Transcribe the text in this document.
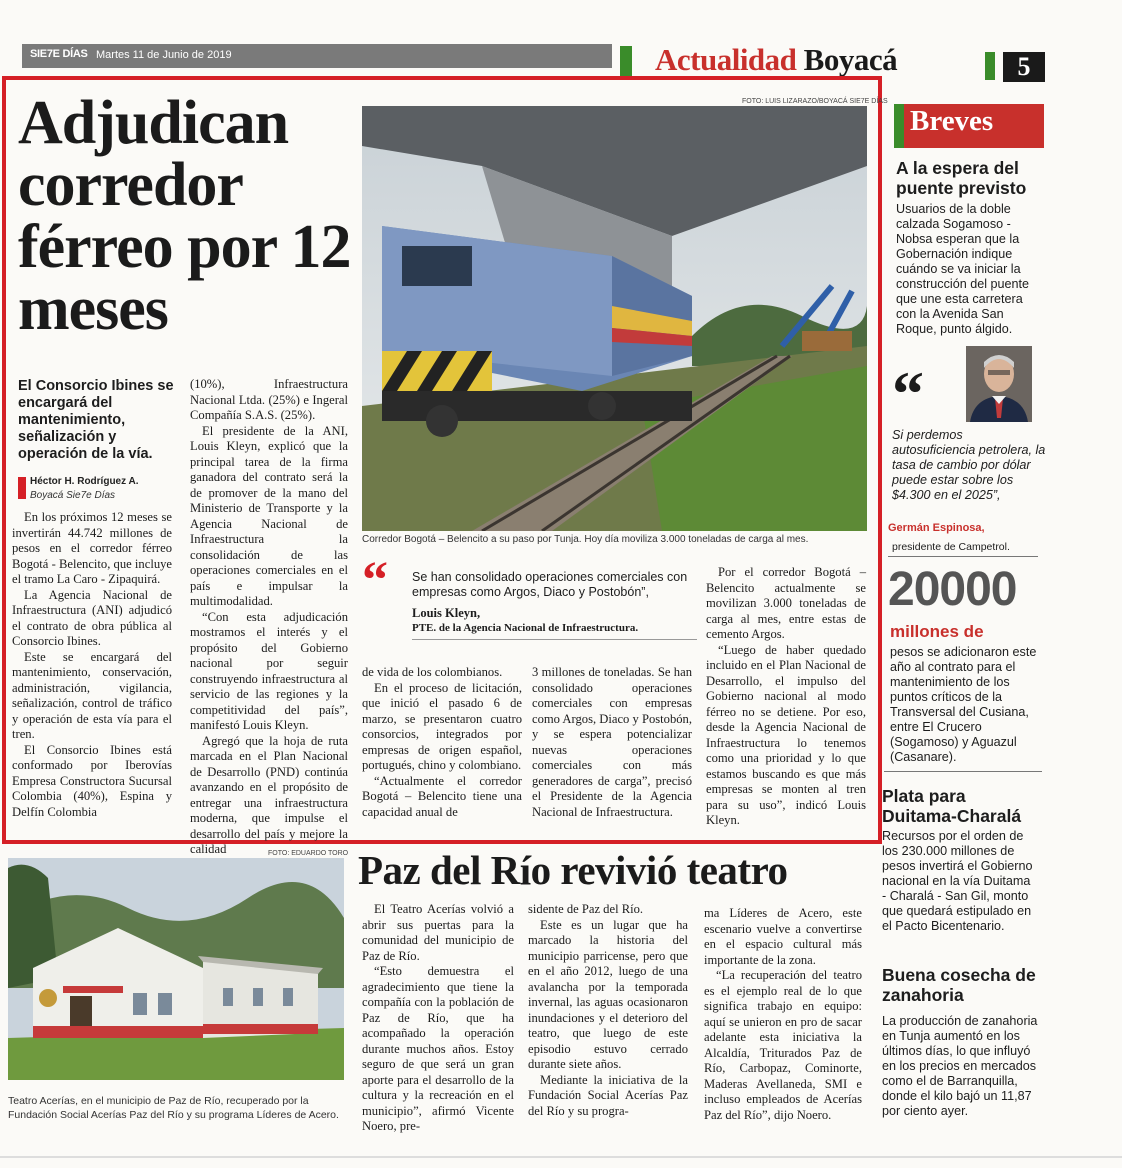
SIE7E DÍAS Martes 11 de Junio de 2019	Actualidad Boyacá	5
Adjudican corredor férreo por 12 meses
El Consorcio Ibines se encargará del mantenimiento, señalización y operación de la vía.
Héctor H. Rodríguez A.
Boyacá Sie7e Días

En los próximos 12 meses se invertirán 44.742 millones de pesos en el corredor férreo Bogotá - Belencito, que incluye el tramo La Caro - Zipaquirá.

La Agencia Nacional de Infraestructura (ANI) adjudicó el contrato de obra pública al Consorcio Ibines.

Este se encargará del mantenimiento, conservación, administración, vigilancia, señalización, control de tráfico y operación de esta vía para el tren.

El Consorcio Ibines está conformado por Iberovías Empresa Constructora Sucursal Colombia (40%), Espina y Delfín Colombia

(10%), Infraestructura Nacional Ltda. (25%) e Ingeral Compañía S.A.S. (25%).

El presidente de la ANI, Louis Kleyn, explicó que la principal tarea de la firma ganadora del contrato será la de promover de la mano del Ministerio de Transporte y la Agencia Nacional de Infraestructura la consolidación de las operaciones comerciales en el país e impulsar la multimodalidad.

“Con esta adjudicación mostramos el interés y el propósito del Gobierno nacional por seguir construyendo infraestructura al servicio de las regiones y la competitividad del país”, manifestó Louis Kleyn.

Agregó que la hoja de ruta marcada en el Plan Nacional de Desarrollo (PND) continúa avanzando en el propósito de entregar una infraestructura moderna, que impulse el desarrollo del país y mejore la calidad

FOTO: LUIS LIZARAZO/BOYACÁ SIE7E DÍAS
Corredor Bogotá – Belencito a su paso por Tunja. Hoy día moviliza 3.000 toneladas de carga al mes.
“ Se han consolidado operaciones comerciales con empresas como Argos, Diaco y Postobón”,
Louis Kleyn,
PTE. de la Agencia Nacional de Infraestructura.

de vida de los colombianos.

En el proceso de licitación, que inició el pasado 6 de marzo, se presentaron cuatro consorcios, integrados por empresas de origen español, portugués, chino y colombiano.

“Actualmente el corredor Bogotá – Belencito tiene una capacidad anual de

3 millones de toneladas. Se han consolidado operaciones comerciales con empresas como Argos, Diaco y Postobón, y se espera potencializar nuevas operaciones comerciales con más generadores de carga”, precisó el Presidente de la Agencia Nacional de Infraestructura.

Por el corredor Bogotá – Belencito actualmente se movilizan 3.000 toneladas de carga al mes, entre estas de cemento Argos.

“Luego de haber quedado incluido en el Plan Nacional de Desarrollo, el impulso del Gobierno nacional al modo férreo no se detiene. Por eso, desde la Agencia Nacional de Infraestructura lo tenemos como una prioridad y lo que estamos buscando es que más empresas se monten al tren para su uso”, indicó Louis Kleyn.

Breves
A la espera del puente previsto
Usuarios de la doble calzada Sogamoso - Nobsa esperan que la Gobernación indique cuándo se va iniciar la construcción del puente que une esta carretera con la Avenida San Roque, punto álgido.
“
Si perdemos autosuficiencia petrolera, la tasa de cambio por dólar puede estar sobre los $4.300 en el 2025”,
Germán Espinosa,
presidente de Campetrol.
20000
millones de
pesos se adicionaron este año al contrato para el mantenimiento de los puntos críticos de la Transversal del Cusiana, entre El Crucero (Sogamoso) y Aguazul (Casanare).
Plata para Duitama-Charalá
Recursos por el orden de los 230.000 millones de pesos invertirá el Gobierno nacional en la vía Duitama - Charalá - San Gil, monto que quedará estipulado en el Pacto Bicentenario.
Buena cosecha de zanahoria
La producción de zanahoria en Tunja aumentó en los últimos días, lo que influyó en los precios en mercados como el de Barranquilla, donde el kilo bajó un 11,87 por ciento ayer.
FOTO: EDUARDO TORO
Teatro Acerías, en el municipio de Paz de Río, recuperado por la Fundación Social Acerías Paz del Río y su programa Líderes de Acero.
Paz del Río revivió teatro

El Teatro Acerías volvió a abrir sus puertas para la comunidad del municipio de Paz de Río.

“Esto demuestra el agradecimiento que tiene la compañía con la población de Paz de Río, que ha acompañado la operación durante muchos años. Estoy seguro de que será un gran aporte para el desarrollo de la cultura y la recreación en el municipio”, afirmó Vicente Noero, pre-

sidente de Paz del Río.

Este es un lugar que ha marcado la historia del municipio parricense, pero que en el año 2012, luego de una avalancha por la temporada invernal, las aguas ocasionaron inundaciones y el deterioro del teatro, que luego de este episodio estuvo cerrado durante siete años.

Mediante la iniciativa de la Fundación Social Acerías Paz del Río y su progra-

ma Líderes de Acero, este escenario vuelve a convertirse en el espacio cultural más importante de la zona.

“La recuperación del teatro es el ejemplo real de lo que significa trabajo en equipo: aquí se unieron en pro de sacar adelante esta iniciativa la Alcaldía, Triturados Paz de Río, Carbopaz, Cominorte, Maderas Avellaneda, SMI e incluso empleados de Acerías Paz del Río”, dijo Noero.
